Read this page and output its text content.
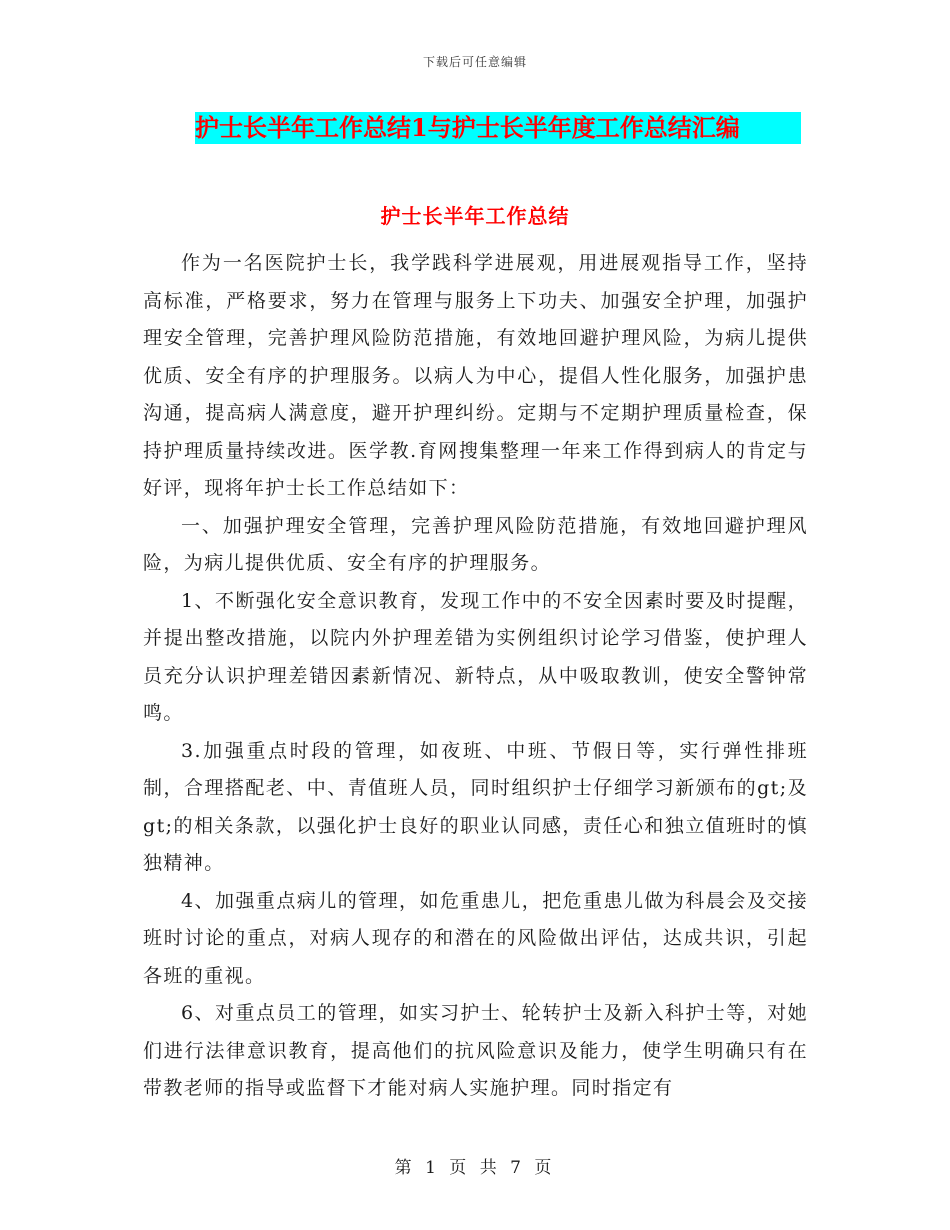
下载后可任意编辑
护士长半年工作总结1与护士长半年度工作总结汇编
护士长半年工作总结

作为一名医院护士长，我学践科学进展观，用进展观指导工作，坚持高标准，严格要求，努力在管理与服务上下功夫、加强安全护理，加强护理安全管理，完善护理风险防范措施，有效地回避护理风险，为病儿提供优质、安全有序的护理服务。以病人为中心，提倡人性化服务，加强护患沟通，提高病人满意度，避开护理纠纷。定期与不定期护理质量检查，保持护理质量持续改进。医学教.育网搜集整理一年来工作得到病人的肯定与好评，现将年护士长工作总结如下：

一、加强护理安全管理，完善护理风险防范措施，有效地回避护理风险，为病儿提供优质、安全有序的护理服务。

1、不断强化安全意识教育，发现工作中的不安全因素时要及时提醒，并提出整改措施，以院内外护理差错为实例组织讨论学习借鉴，使护理人员充分认识护理差错因素新情况、新特点，从中吸取教训，使安全警钟常鸣。

3.加强重点时段的管理，如夜班、中班、节假日等，实行弹性排班制，合理搭配老、中、青值班人员，同时组织护士仔细学习新颁布的gt;及gt;的相关条款，以强化护士良好的职业认同感，责任心和独立值班时的慎独精神。

4、加强重点病儿的管理，如危重患儿，把危重患儿做为科晨会及交接班时讨论的重点，对病人现存的和潜在的风险做出评估，达成共识，引起各班的重视。

6、对重点员工的管理，如实习护士、轮转护士及新入科护士等，对她们进行法律意识教育，提高他们的抗风险意识及能力，使学生明确只有在带教老师的指导或监督下才能对病人实施护理。同时指定有

第 1 页 共 7 页
